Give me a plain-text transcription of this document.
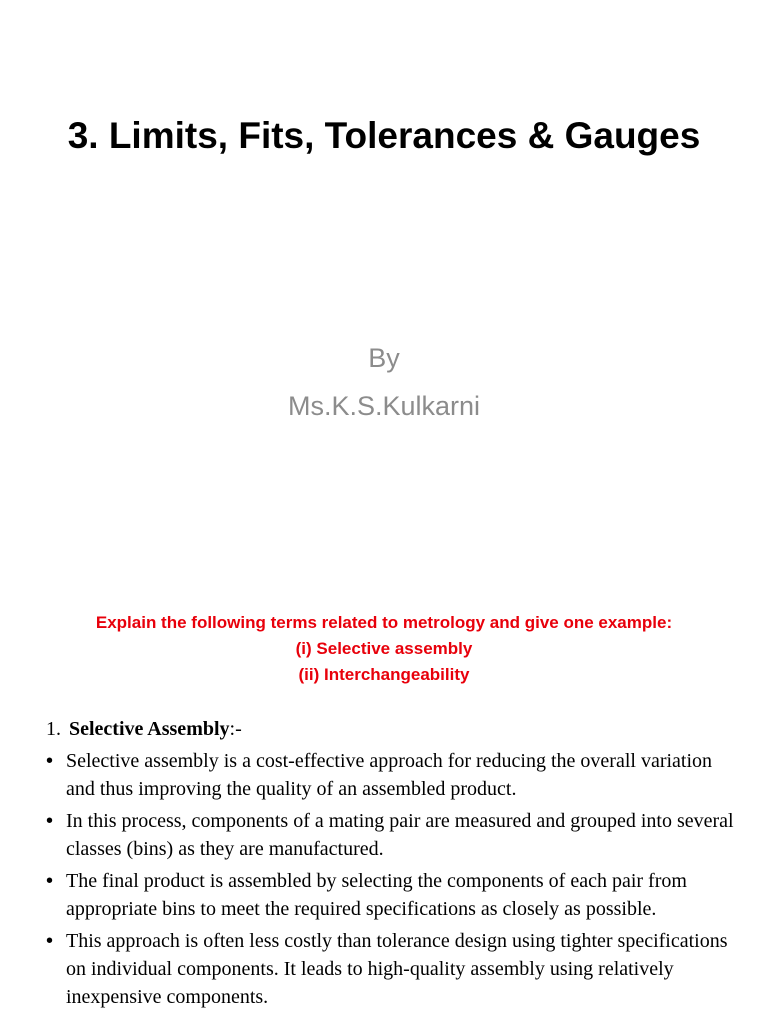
3. Limits, Fits, Tolerances & Gauges
By
Ms.K.S.Kulkarni
Explain the following terms related to metrology and give one example:
(i) Selective assembly
(ii) Interchangeability
1. Selective Assembly:-
• Selective assembly is a cost-effective approach for reducing the overall variation and thus improving the quality of an assembled product.
• In this process, components of a mating pair are measured and grouped into several classes (bins) as they are manufactured.
• The final product is assembled by selecting the components of each pair from appropriate bins to meet the required specifications as closely as possible.
• This approach is often less costly than tolerance design using tighter specifications on individual components. It leads to high-quality assembly using relatively inexpensive components.
